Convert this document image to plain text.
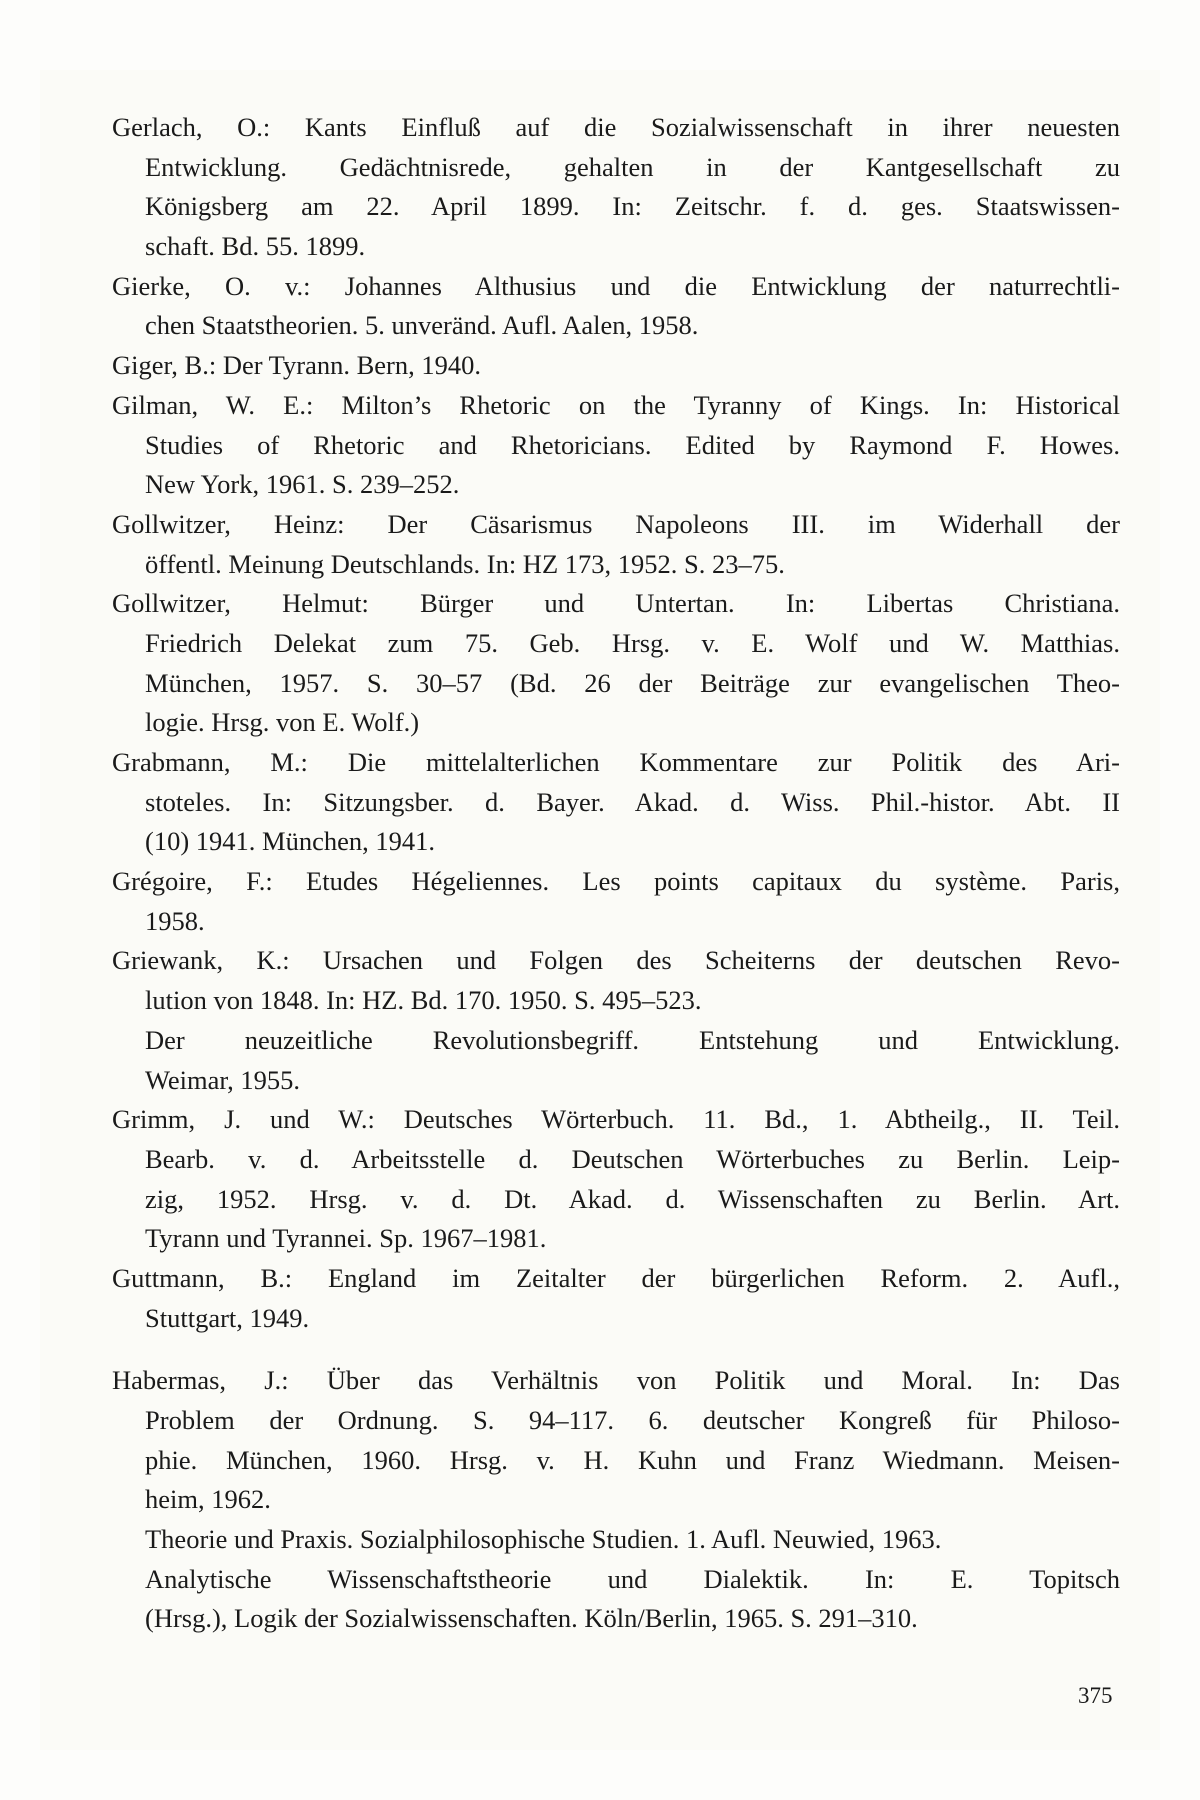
Gerlach, O.: Kants Einfluß auf die Sozialwissenschaft in ihrer neuesten
Entwicklung. Gedächtnisrede, gehalten in der Kantgesellschaft zu
Königsberg am 22. April 1899. In: Zeitschr. f. d. ges. Staatswissen-
schaft. Bd. 55. 1899.
Gierke, O. v.: Johannes Althusius und die Entwicklung der naturrechtli-
chen Staatstheorien. 5. unveränd. Aufl. Aalen, 1958.
Giger, B.: Der Tyrann. Bern, 1940.
Gilman, W. E.: Milton’s Rhetoric on the Tyranny of Kings. In: Historical
Studies of Rhetoric and Rhetoricians. Edited by Raymond F. Howes.
New York, 1961. S. 239–252.
Gollwitzer, Heinz: Der Cäsarismus Napoleons III. im Widerhall der
öffentl. Meinung Deutschlands. In: HZ 173, 1952. S. 23–75.
Gollwitzer, Helmut: Bürger und Untertan. In: Libertas Christiana.
Friedrich Delekat zum 75. Geb. Hrsg. v. E. Wolf und W. Matthias.
München, 1957. S. 30–57 (Bd. 26 der Beiträge zur evangelischen Theo-
logie. Hrsg. von E. Wolf.)
Grabmann, M.: Die mittelalterlichen Kommentare zur Politik des Ari-
stoteles. In: Sitzungsber. d. Bayer. Akad. d. Wiss. Phil.-histor. Abt. II
(10) 1941. München, 1941.
Grégoire, F.: Etudes Hégeliennes. Les points capitaux du système. Paris,
1958.
Griewank, K.: Ursachen und Folgen des Scheiterns der deutschen Revo-
lution von 1848. In: HZ. Bd. 170. 1950. S. 495–523.
Der neuzeitliche Revolutionsbegriff. Entstehung und Entwicklung.
Weimar, 1955.
Grimm, J. und W.: Deutsches Wörterbuch. 11. Bd., 1. Abtheilg., II. Teil.
Bearb. v. d. Arbeitsstelle d. Deutschen Wörterbuches zu Berlin. Leip-
zig, 1952. Hrsg. v. d. Dt. Akad. d. Wissenschaften zu Berlin. Art.
Tyrann und Tyrannei. Sp. 1967–1981.
Guttmann, B.: England im Zeitalter der bürgerlichen Reform. 2. Aufl.,
Stuttgart, 1949.
Habermas, J.: Über das Verhältnis von Politik und Moral. In: Das
Problem der Ordnung. S. 94–117. 6. deutscher Kongreß für Philoso-
phie. München, 1960. Hrsg. v. H. Kuhn und Franz Wiedmann. Meisen-
heim, 1962.
Theorie und Praxis. Sozialphilosophische Studien. 1. Aufl. Neuwied, 1963.
Analytische Wissenschaftstheorie und Dialektik. In: E. Topitsch
(Hrsg.), Logik der Sozialwissenschaften. Köln/Berlin, 1965. S. 291–310.
375
